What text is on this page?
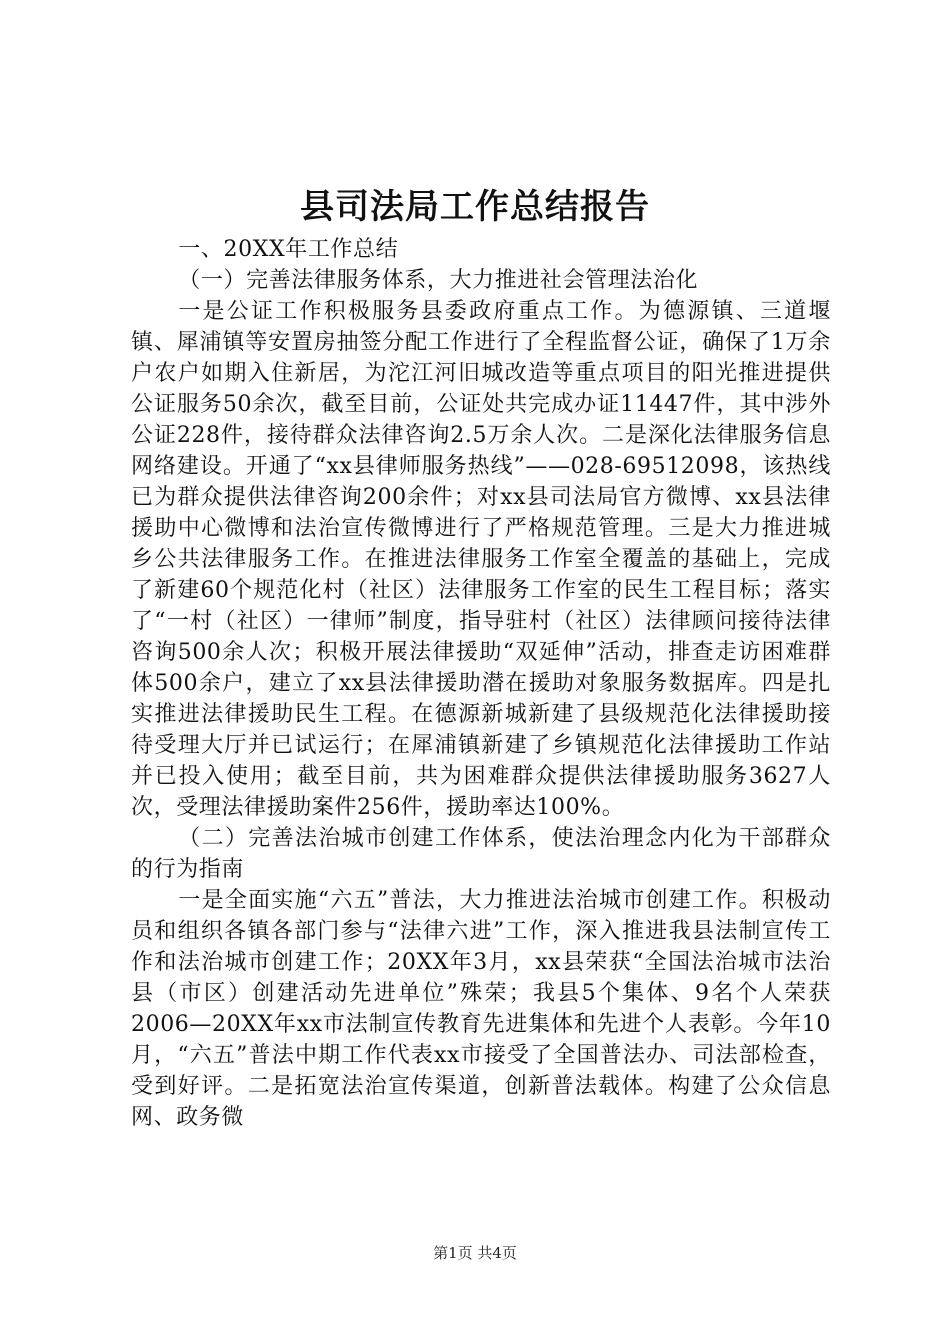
县司法局工作总结报告

一、20XX年工作总结

（一）完善法律服务体系，大力推进社会管理法治化

一是公证工作积极服务县委政府重点工作。为德源镇、三道堰镇、犀浦镇等安置房抽签分配工作进行了全程监督公证，确保了1万余户农户如期入住新居，为沱江河旧城改造等重点项目的阳光推进提供公证服务50余次，截至目前，公证处共完成办证11447件，其中涉外公证228件，接待群众法律咨询2.5万余人次。二是深化法律服务信息网络建设。开通了“xx县律师服务热线”——028-69512098，该热线已为群众提供法律咨询200余件；对xx县司法局官方微博、xx县法律援助中心微博和法治宣传微博进行了严格规范管理。三是大力推进城乡公共法律服务工作。在推进法律服务工作室全覆盖的基础上，完成了新建60个规范化村（社区）法律服务工作室的民生工程目标；落实了“一村（社区）一律师”制度，指导驻村（社区）法律顾问接待法律咨询500余人次；积极开展法律援助“双延伸”活动，排查走访困难群体500余户，建立了xx县法律援助潜在援助对象服务数据库。四是扎实推进法律援助民生工程。在德源新城新建了县级规范化法律援助接待受理大厅并已试运行；在犀浦镇新建了乡镇规范化法律援助工作站并已投入使用；截至目前，共为困难群众提供法律援助服务3627人次，受理法律援助案件256件，援助率达100%。

（二）完善法治城市创建工作体系，使法治理念内化为干部群众的行为指南

一是全面实施“六五”普法，大力推进法治城市创建工作。积极动员和组织各镇各部门参与“法律六进”工作，深入推进我县法制宣传工作和法治城市创建工作；20XX年3月，xx县荣获“全国法治城市法治县（市区）创建活动先进单位”殊荣；我县5个集体、9名个人荣获2006—20XX年xx市法制宣传教育先进集体和先进个人表彰。今年10月，“六五”普法中期工作代表xx市接受了全国普法办、司法部检查，受到好评。二是拓宽法治宣传渠道，创新普法载体。构建了公众信息网、政务微

第1页 共4页
